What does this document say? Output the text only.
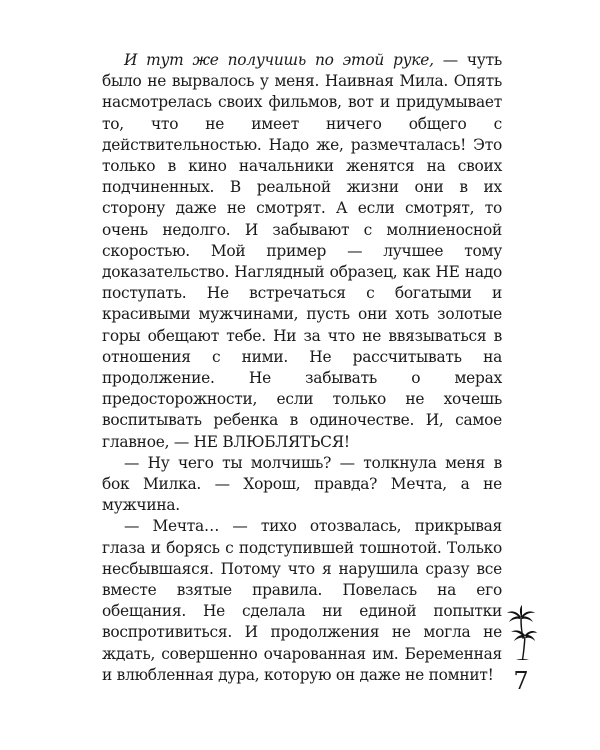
И тут же получишь по этой руке, — чуть было не вырвалось у меня. Наивная Мила. Опять насмотрелась своих фильмов, вот и придумывает то, что не имеет ничего общего с действительностью. Надо же, размечталась! Это только в кино начальники женятся на своих подчиненных. В реальной жизни они в их сторону даже не смотрят. А если смотрят, то очень недолго. И забывают с молниеносной скоростью. Мой пример — лучшее тому доказательство. Наглядный образец, как НЕ надо поступать. Не встречаться с богатыми и красивыми мужчинами, пусть они хоть золотые горы обещают тебе. Ни за что не ввязываться в отношения с ними. Не рассчитывать на продолжение. Не забывать о мерах предосторожности, если только не хочешь воспитывать ребенка в одиночестве. И, самое главное, — НЕ ВЛЮБЛЯТЬСЯ!

— Ну чего ты молчишь? — толкнула меня в бок Милка. — Хорош, правда? Мечта, а не мужчина.

— Мечта… — тихо отозвалась, прикрывая глаза и борясь с подступившей тошнотой. Только несбывшаяся. Потому что я нарушила сразу все вместе взятые правила. Повелась на его обещания. Не сделала ни единой попытки воспротивиться. И продолжения не могла не ждать, совершенно очарованная им. Беременная и влюбленная дура, которую он даже не помнит! 7
